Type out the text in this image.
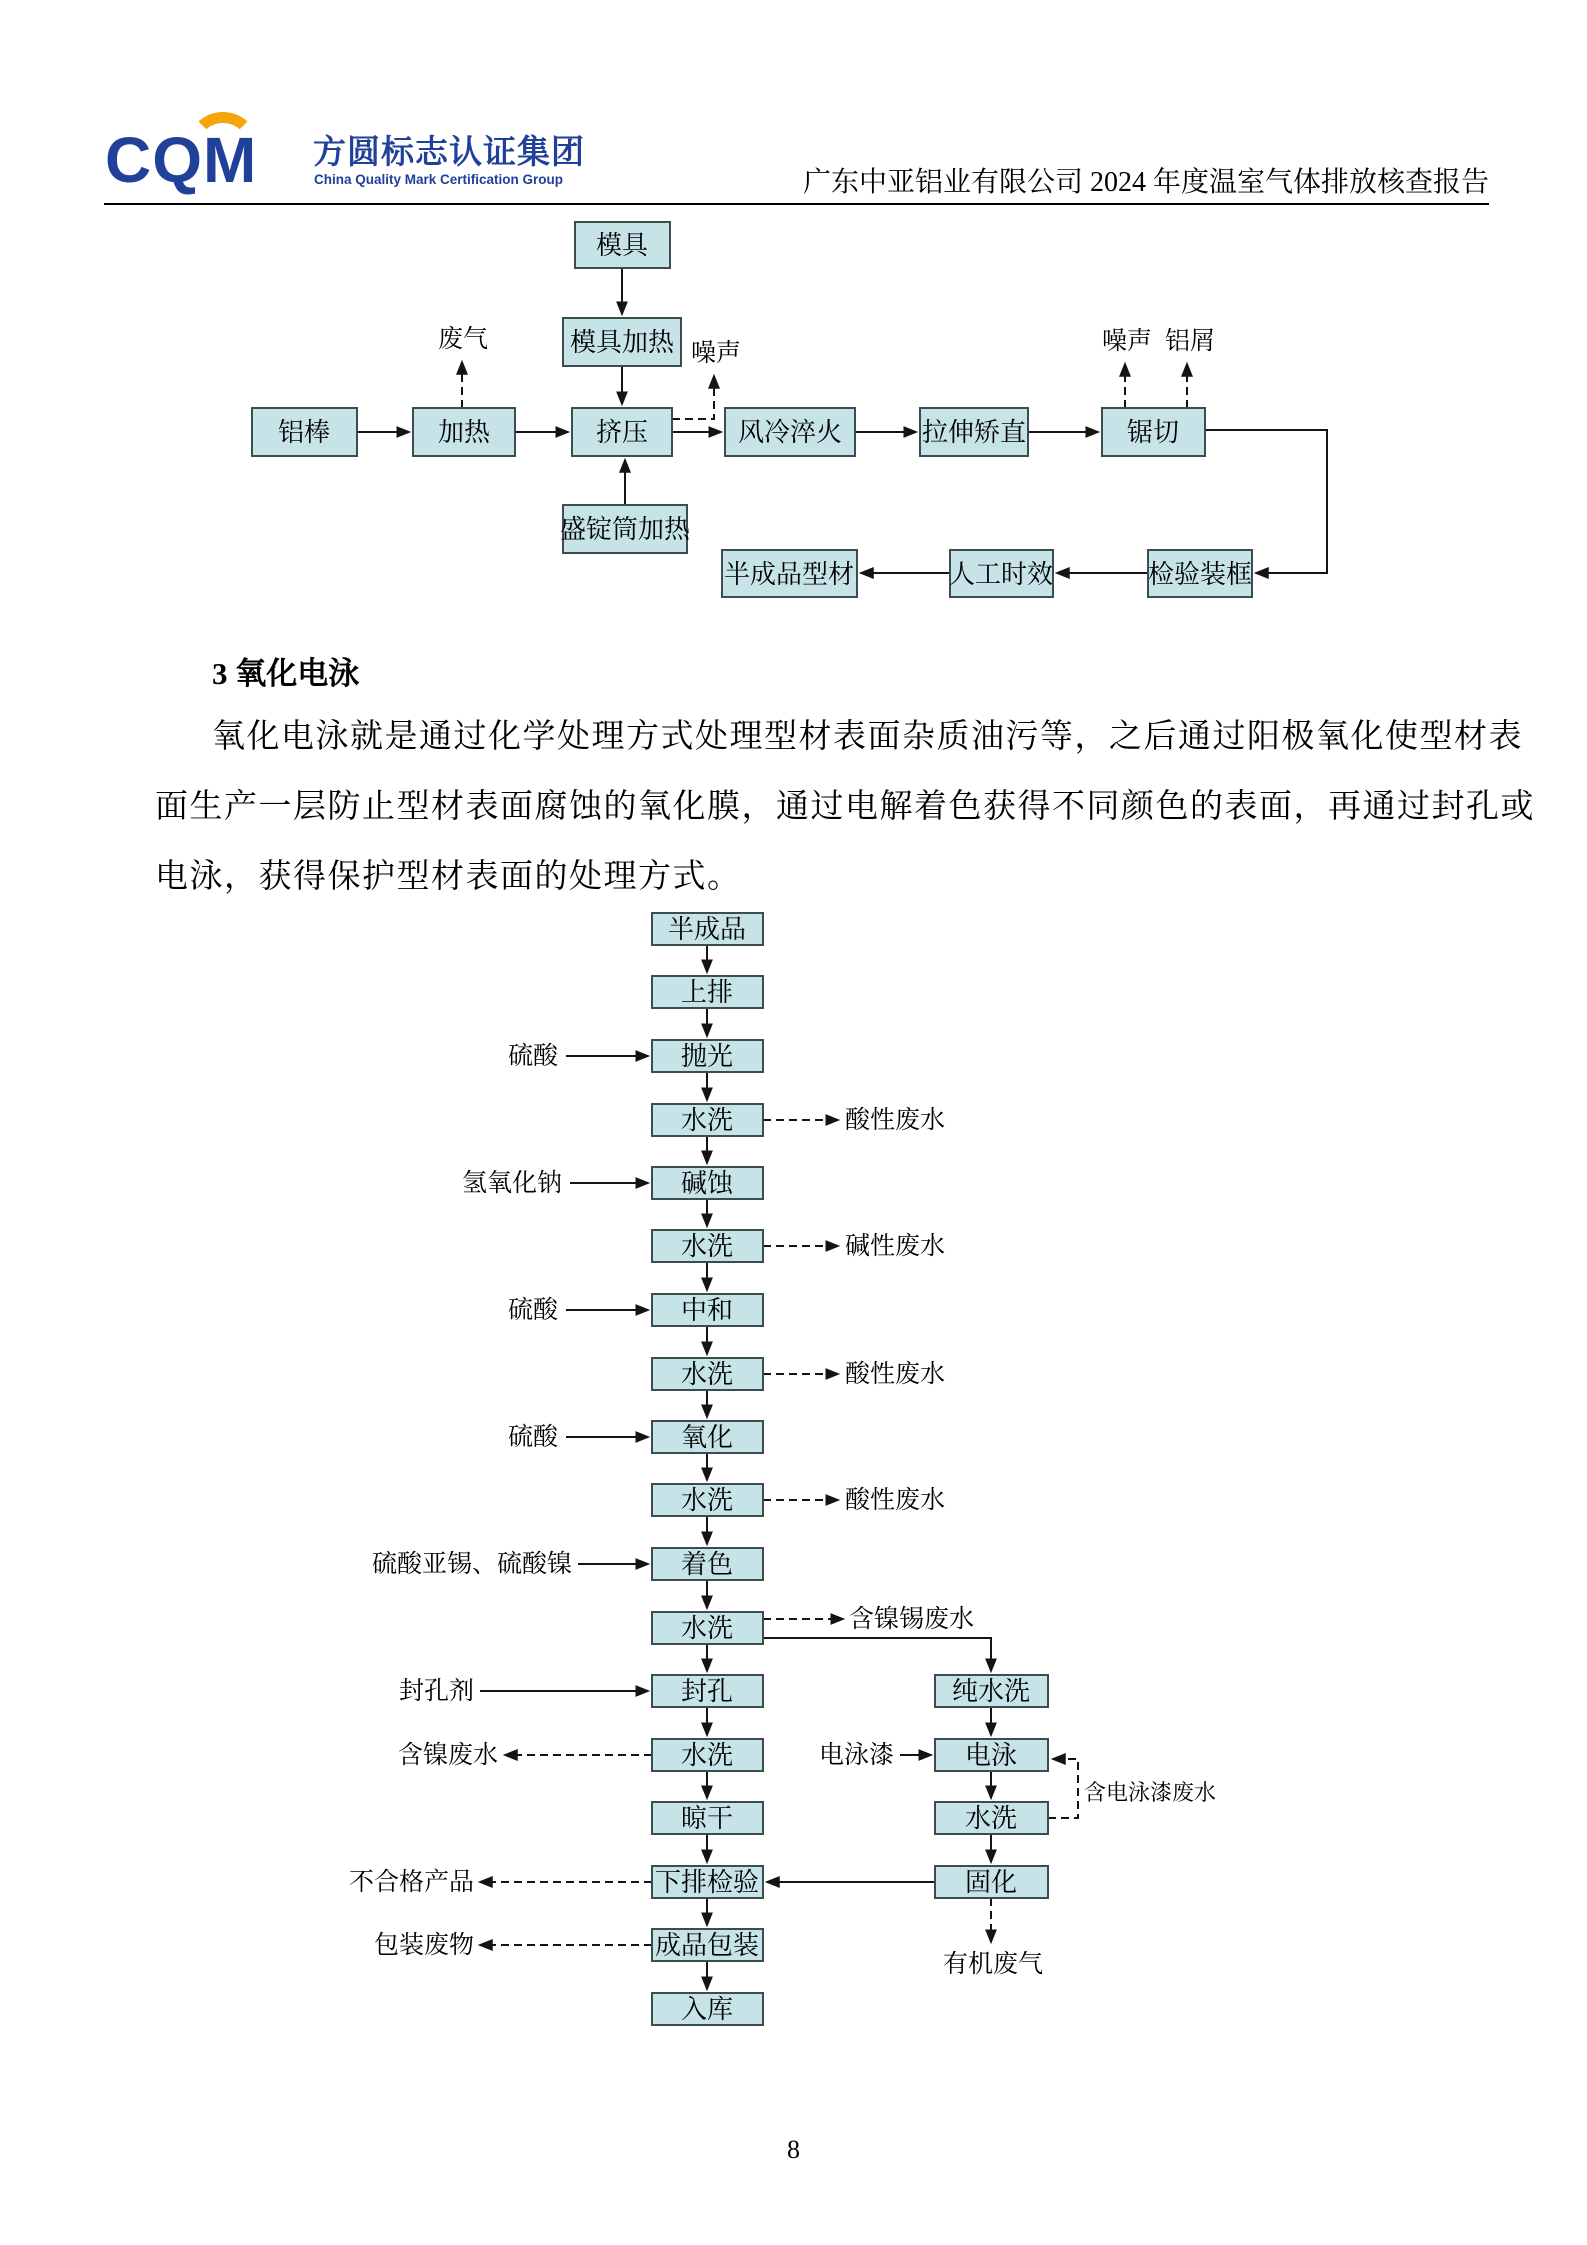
CQM 方圆标志认证集团
China Quality Mark Certification Group	广东中亚铝业有限公司 2024 年度温室气体排放核查报告
3 氧化电泳
氧化电泳就是通过化学处理方式处理型材表面杂质油污等，之后通过阳极氧化使型材表
面生产一层防止型材表面腐蚀的氧化膜，通过电解着色获得不同颜色的表面，再通过封孔或
电泳，获得保护型材表面的处理方式。
模具
模具加热
铝棒	加热	挤压	风冷淬火	拉伸矫直	锯切
盛锭筒加热
半成品型材	人工时效	检验装框
废气
噪声	噪声 铝屑
半成品
上排
抛光
水洗
碱蚀
水洗
中和
水洗
氧化
水洗
着色
水洗
封孔
水洗
晾干
下排检验
成品包装
入库
纯水洗
电泳
水洗
固化
硫酸
氢氧化钠
硫酸
硫酸
硫酸亚锡、硫酸镍
封孔剂
电泳漆
酸性废水
碱性废水
酸性废水
酸性废水
含镍锡废水
含镍废水
不合格产品
包装废物
含电泳漆废水
有机废气
8
